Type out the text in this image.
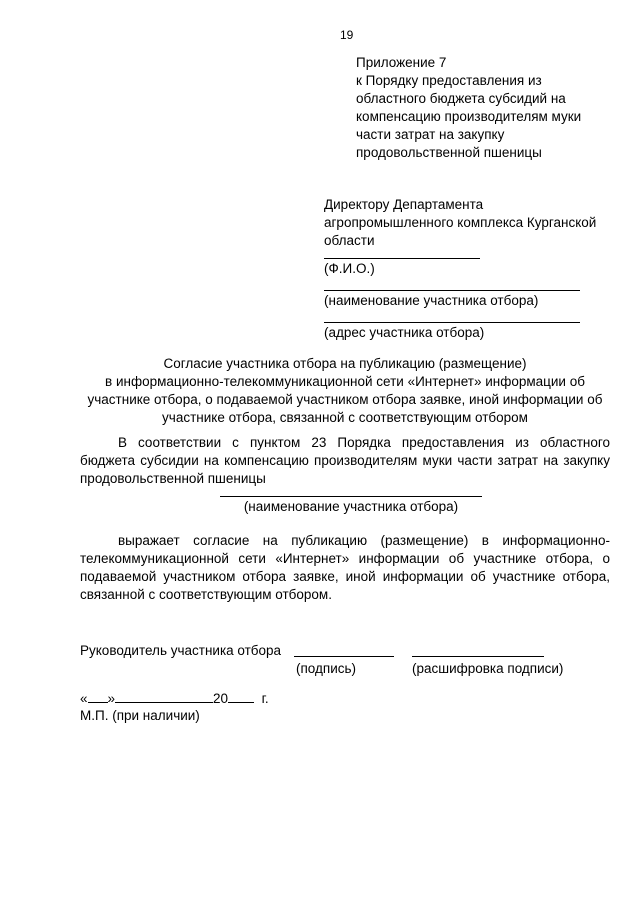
19
Приложение 7
к Порядку предоставления из
областного бюджета субсидий на
компенсацию производителям муки
части затрат на закупку
продовольственной пшеницы
Директору Департамента
агропромышленного комплекса Курганской
области
(Ф.И.О.)
(наименование участника отбора)
(адрес участника отбора)
Согласие участника отбора на публикацию (размещение)
в информационно-телекоммуникационной сети «Интернет» информации об
участнике отбора, о подаваемой участником отбора заявке, иной информации об
участнике отбора, связанной с соответствующим отбором
В соответствии с пунктом 23 Порядка предоставления из областного бюджета субсидии на компенсацию производителям муки части затрат на закупку продовольственной пшеницы
(наименование участника отбора)
выражает согласие на публикацию (размещение) в информационно-телекоммуникационной сети «Интернет» информации об участнике отбора, о подаваемой участником отбора заявке, иной информации об участнике отбора, связанной с соответствующим отбором.
Руководитель участника отбора
(подпись)	(расшифровка подписи)
« »	20 г.
М.П. (при наличии)
